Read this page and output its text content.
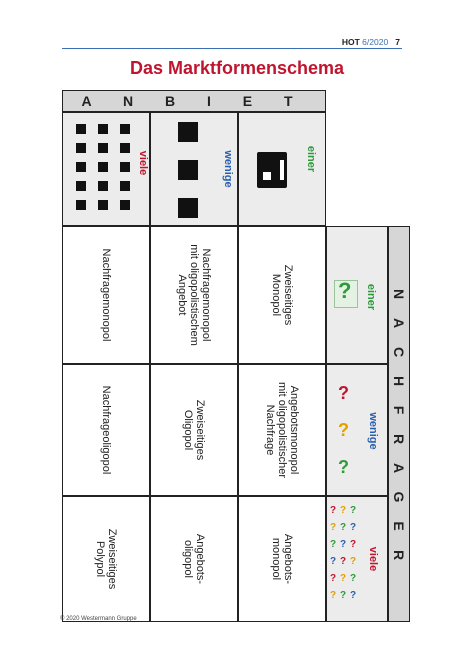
HOT 6/2020 7
Das Marktformenschema
A N B I E T
einer
wenige
viele
N
A
C
H
F
R
A
G
E
R
einer
wenige
viele
?
?
?
?
? ? ?
? ? ?
? ? ?
? ? ?
? ? ?
? ? ?
Zweiseitiges
Monopol
Nachfragemonopol
mit oligopolistischem
Angebot
Nachfragemonopol
Angebotsmonopol
mit oligopolistischer
Nachfrage
Zweiseitiges
Oligopol
Nachfrageoligopol
Angebots-
monopol
Angebots-
oligopol
Zweiseitiges
Polypol
© 2020 Westermann Gruppe
